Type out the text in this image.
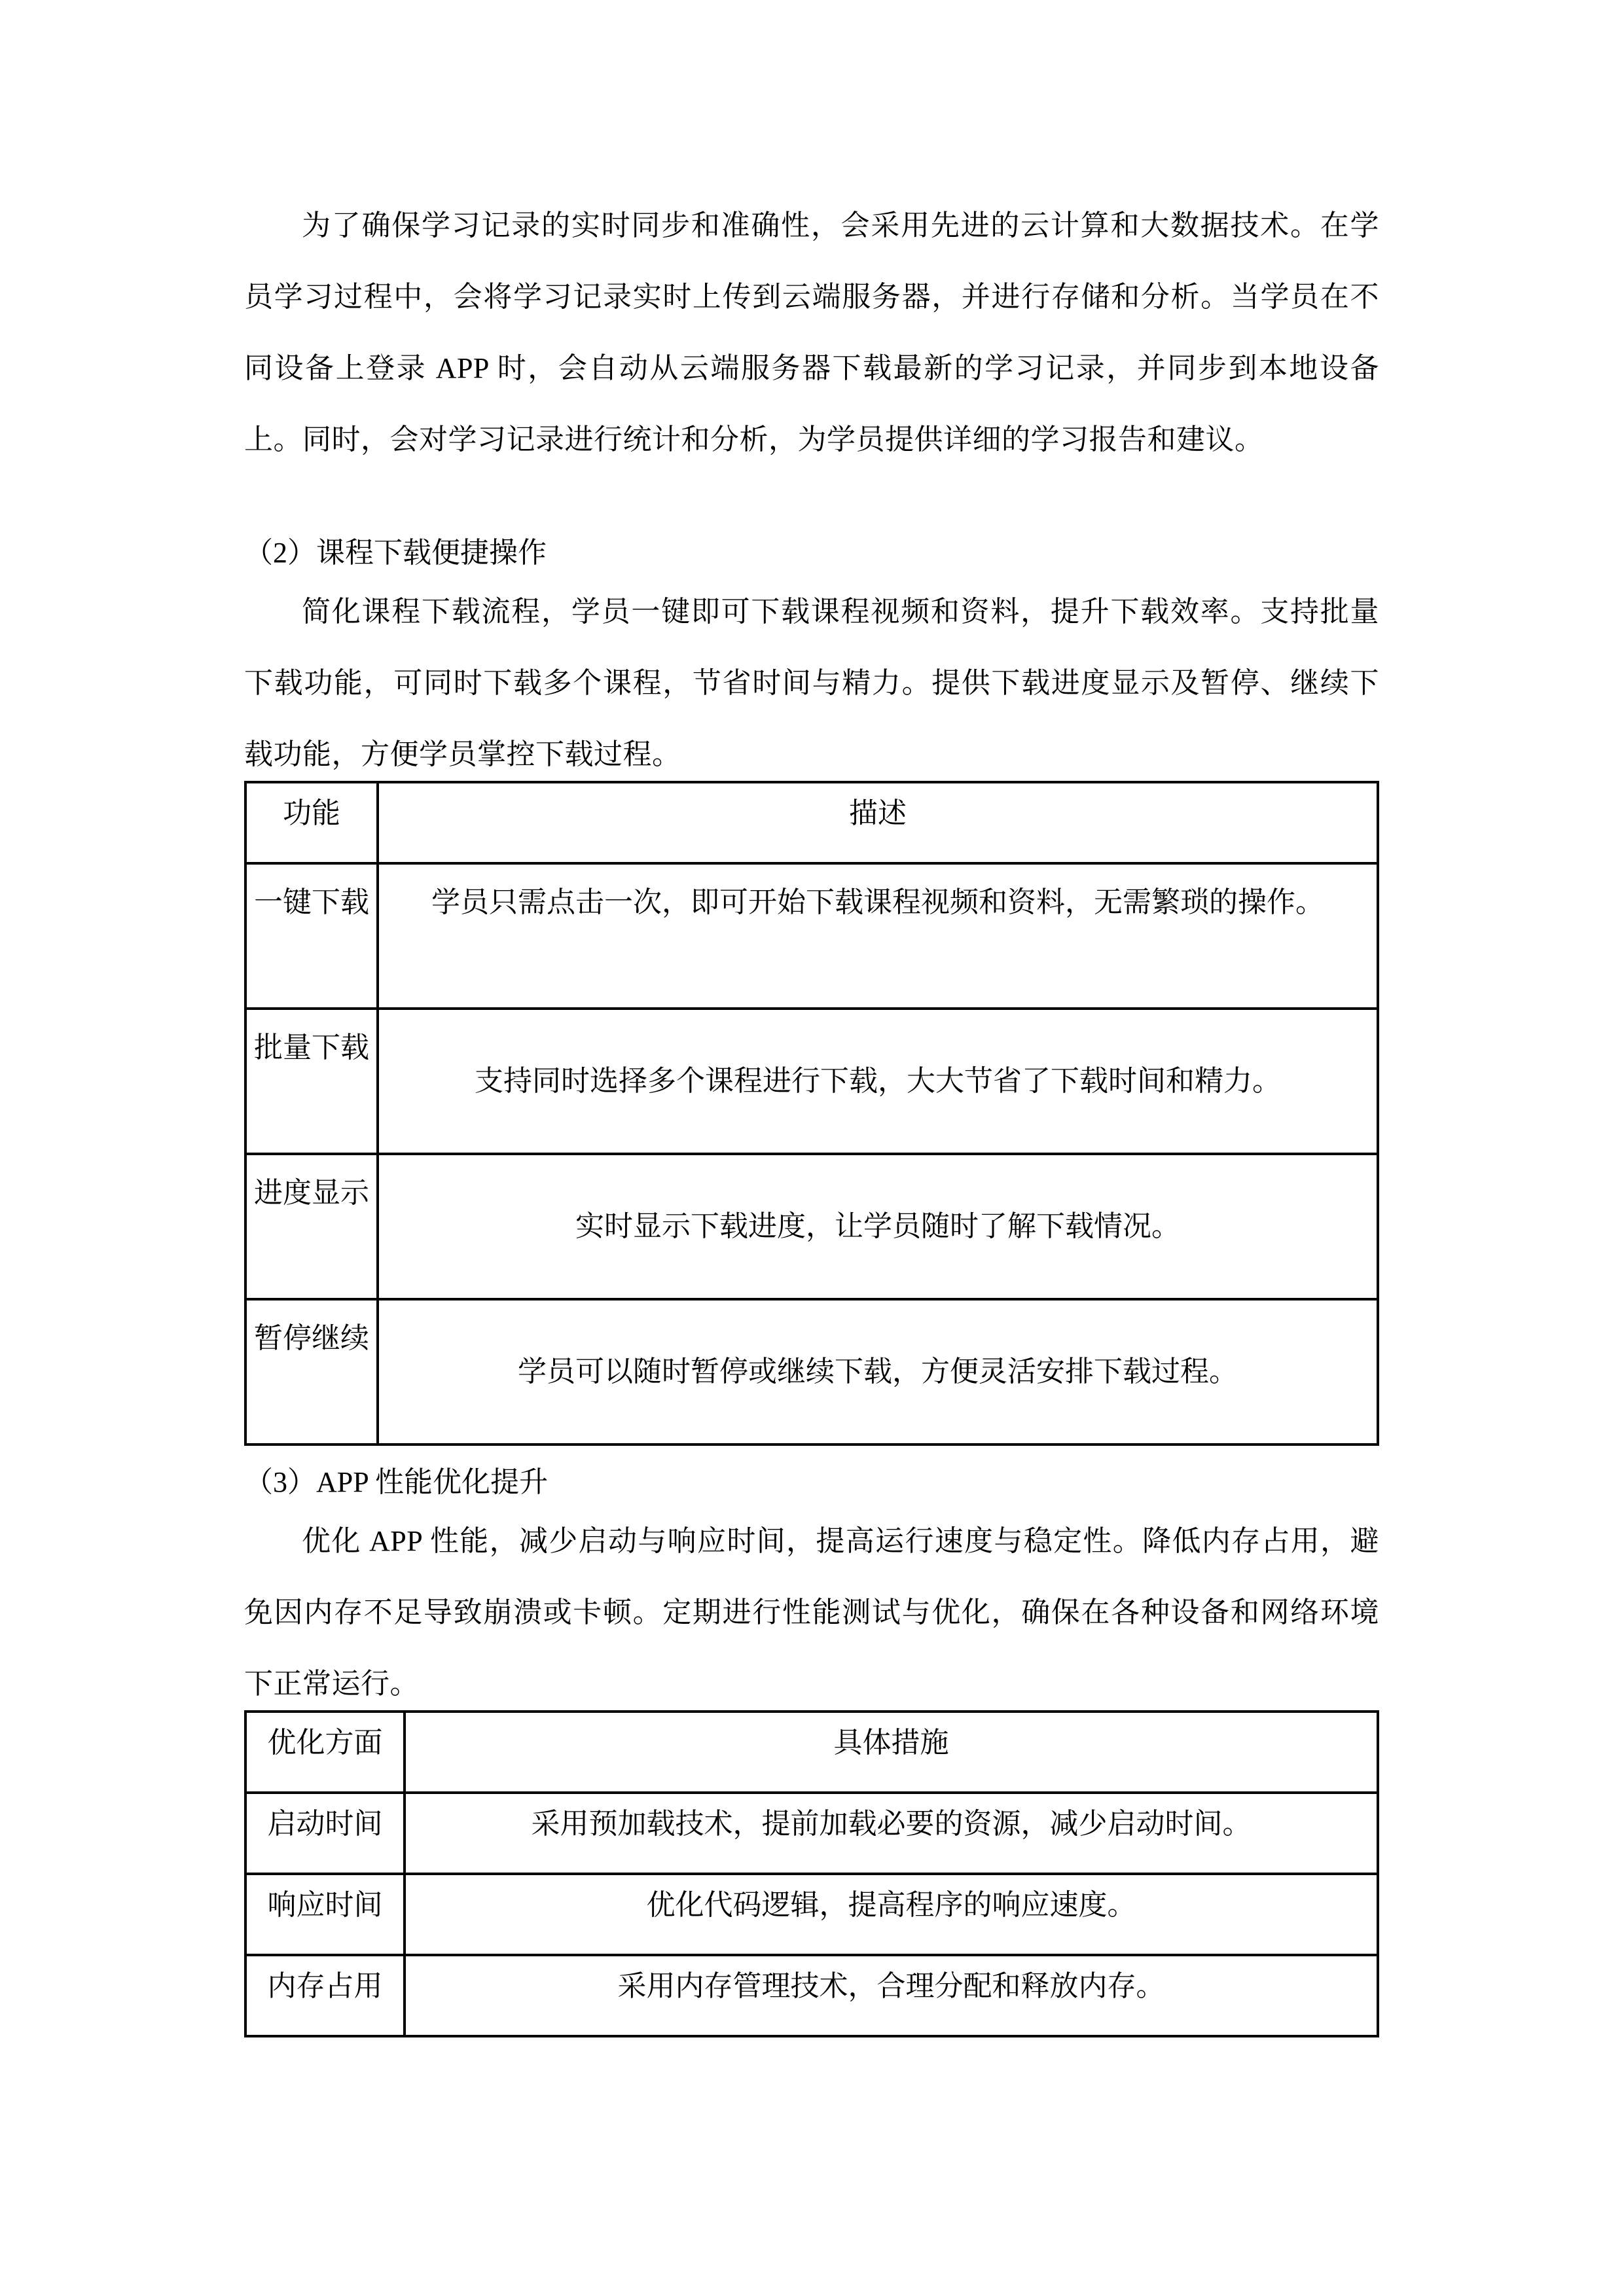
为了确保学习记录的实时同步和准确性，会采用先进的云计算和大数据技术。在学员学习过程中，会将学习记录实时上传到云端服务器，并进行存储和分析。当学员在不同设备上登录 APP 时，会自动从云端服务器下载最新的学习记录，并同步到本地设备上。同时，会对学习记录进行统计和分析，为学员提供详细的学习报告和建议。

（2）课程下载便捷操作

简化课程下载流程，学员一键即可下载课程视频和资料，提升下载效率。支持批量下载功能，可同时下载多个课程，节省时间与精力。提供下载进度显示及暂停、继续下载功能，方便学员掌控下载过程。

功能	描述
一键下载	学员只需点击一次，即可开始下载课程视频和资料，无需繁琐的操作。
批量下载	支持同时选择多个课程进行下载，大大节省了下载时间和精力。
进度显示	实时显示下载进度，让学员随时了解下载情况。
暂停继续	学员可以随时暂停或继续下载，方便灵活安排下载过程。

（3）APP 性能优化提升

优化 APP 性能，减少启动与响应时间，提高运行速度与稳定性。降低内存占用，避免因内存不足导致崩溃或卡顿。定期进行性能测试与优化，确保在各种设备和网络环境下正常运行。

优化方面	具体措施
启动时间	采用预加载技术，提前加载必要的资源，减少启动时间。
响应时间	优化代码逻辑，提高程序的响应速度。
内存占用	采用内存管理技术，合理分配和释放内存。
